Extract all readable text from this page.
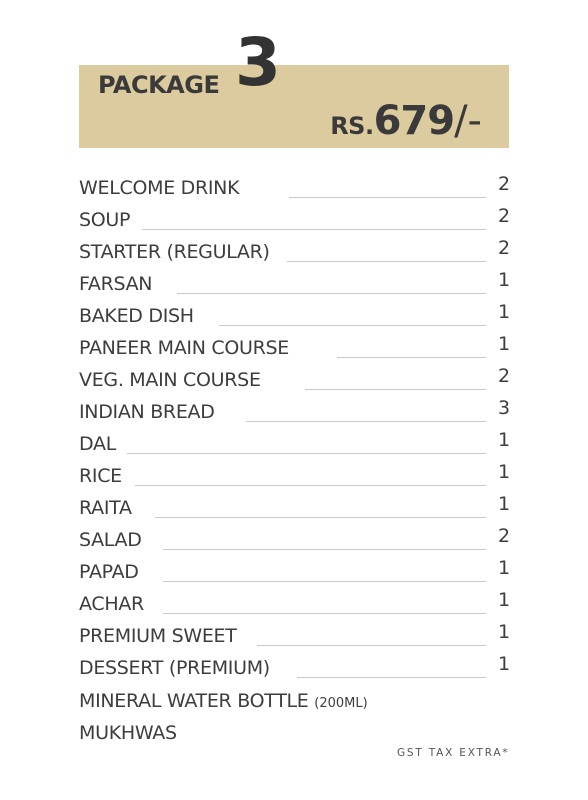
PACKAGE 3
RS.679/-
WELCOME DRINK	2
SOUP	2
STARTER (REGULAR)	2
FARSAN	1
BAKED DISH	1
PANEER MAIN COURSE	1
VEG. MAIN COURSE	2
INDIAN BREAD	3
DAL	1
RICE	1
RAITA	1
SALAD	2
PAPAD	1
ACHAR	1
PREMIUM SWEET	1
DESSERT (PREMIUM)	1
MINERAL WATER BOTTLE (200ML)
MUKHWAS
GST TAX EXTRA*
